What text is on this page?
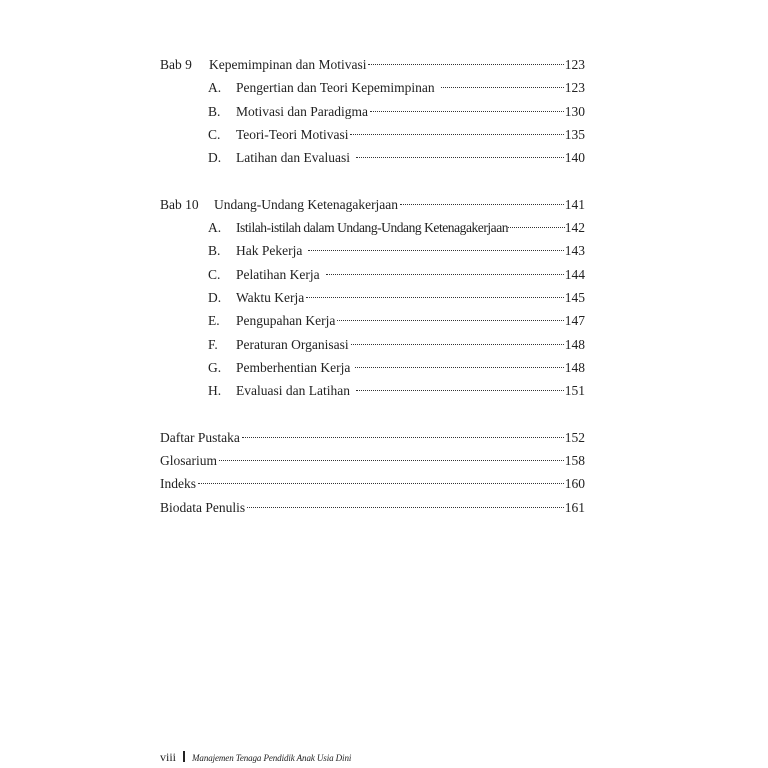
Bab 9	Kepemimpinan dan Motivasi	123
A.	Pengertian dan Teori Kepemimpinan	123
B.	Motivasi dan Paradigma	130
C.	Teori-Teori Motivasi	135
D.	Latihan dan Evaluasi	140
Bab 10	Undang-Undang Ketenagakerjaan	141
A.	Istilah-istilah dalam Undang-Undang Ketenagakerjaan	142
B.	Hak Pekerja	143
C.	Pelatihan Kerja	144
D.	Waktu Kerja	145
E.	Pengupahan Kerja	147
F.	Peraturan Organisasi	148
G.	Pemberhentian Kerja	148
H.	Evaluasi dan Latihan	151
Daftar Pustaka	152
Glosarium	158
Indeks	160
Biodata Penulis	161
viii Manajemen Tenaga Pendidik Anak Usia Dini
